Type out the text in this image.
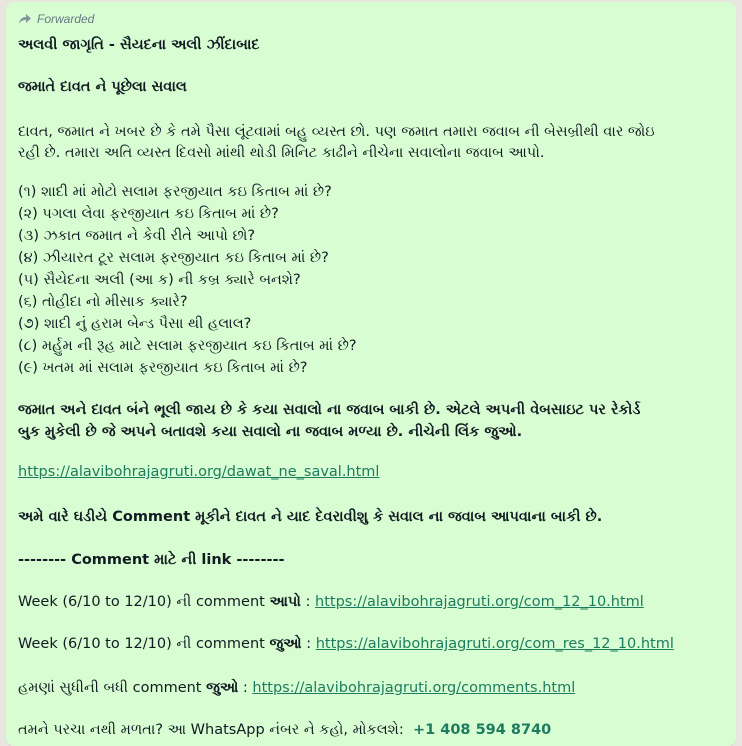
Forwarded
અલવી જાગૃતિ - સૈયદના અલી ઝીંદાબાદ
જમાતે દાવત ને પૂછેલા સવાલ
દાવત, જમાત ને ખબર છે કે તમે પૈસા લૂંટવામાં બહુ વ્યસ્ત છો. પણ જમાત તમારા જવાબ ની બેસબ્રીથી વાર જોઇ
રહી છે. તમારા અતિ વ્યસ્ત દિવસો માંથી થોડી મિનિટ કાઢીને નીચેના સવાલોના જવાબ આપો.
(૧) શાદી માં મોટો સલામ ફરજીયાત કઇ કિતાબ માં છે?
(૨) પગલા લેવા ફરજીયાત કઇ કિતાબ માં છે?
(૩) ઝકાત જમાત ને કેવી રીતે આપો છો?
(૪) ઝીયારત ટૂર સલામ ફરજીયાત કઇ કિતાબ માં છે?
(૫) સૈયેદના અલી (આ ક) ની કબ્ર ક્યારે બનશે?
(૬) તોહીદા નો મીસાક ક્યારે?
(૭) શાદી નું હરામ બેન્ડ પૈસા થી હલાલ?
(૮) મર્હુમ ની રૂહ માટે સલામ ફરજીયાત કઇ કિતાબ માં છે?
(૯) ખતમ માં સલામ ફરજીયાત કઇ કિતાબ માં છે?
જમાત અને દાવત બંને ભૂલી જાય છે કે કયા સવાલો ના જવાબ બાકી છે. એટલે અપની વેબસાઇટ પર રેકોર્ડ
બુક મુકેલી છે જે અપને બતાવશે કયા સવાલો ના જવાબ મળ્યા છે. નીચેની લિંક જુઓ.
https://alavibohrajagruti.org/dawat_ne_saval.html
અમે વારે ઘડીયે Comment મૂકીને દાવત ને યાદ દેવરાવીશુ કે સવાલ ના જવાબ આપવાના બાકી છે.
-------- Comment માટે ની link --------
Week (6/10 to 12/10) ની comment આપો : https://alavibohrajagruti.org/com_12_10.html
Week (6/10 to 12/10) ની comment જુઓ : https://alavibohrajagruti.org/com_res_12_10.html
હમણાં સુધીની બધી comment જુઓ : https://alavibohrajagruti.org/comments.html
તમને પરચા નથી મળતા? આ WhatsApp નંબર ને કહો, મોકલશે: +1 408 594 8740
